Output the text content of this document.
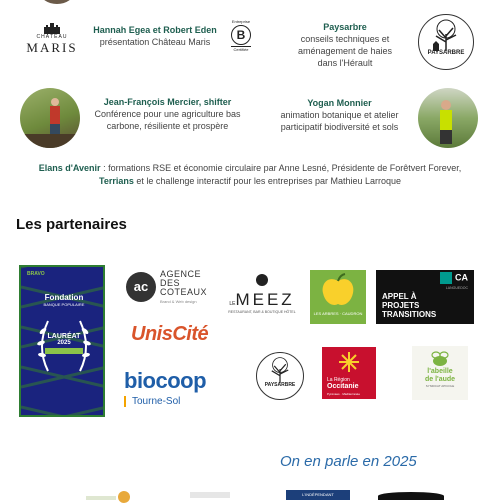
CHÂTEAU
MARIS
Hannah Egea et Robert Eden
présentation Château Maris
Entreprise
B
Certifiée
Paysarbre
conseils techniques et
aménagement de haies
dans l'Hérault
PAYSARBRE
Jean-François Mercier, shifter
Conférence pour une agriculture bas
carbone, résiliente et prospère
Yogan Monnier
animation botanique et atelier
participatif biodiversité et sols
Elans d'Avenir : formations RSE et économie circulaire par Anne Lesné, Présidente de Forêtvert Forever,
Terrians et le challenge interactif pour les entreprises par Mathieu Larroque
Les partenaires
BRAVO
Fondation
BANQUE POPULAIRE
LAURÉAT
2025
ac
AGENCE
DES
COTEAUX
Brand & Web design	LEMEEZ
RESTAURANT, BAR & BOUTIQUE HÔTEL	LES ARBRES · CAUDRON
CA
LANGUEDOC
APPEL À
PROJETS
TRANSITIONS
UnisCité
biocoop
Tourne-Sol
PAYSARBRE
La Région
Occitanie
Pyrénées · Méditerranée
l'abeille
de l'aude
SYNDICAT APICOLE
On en parle en 2025
L'INDÉPENDANT
